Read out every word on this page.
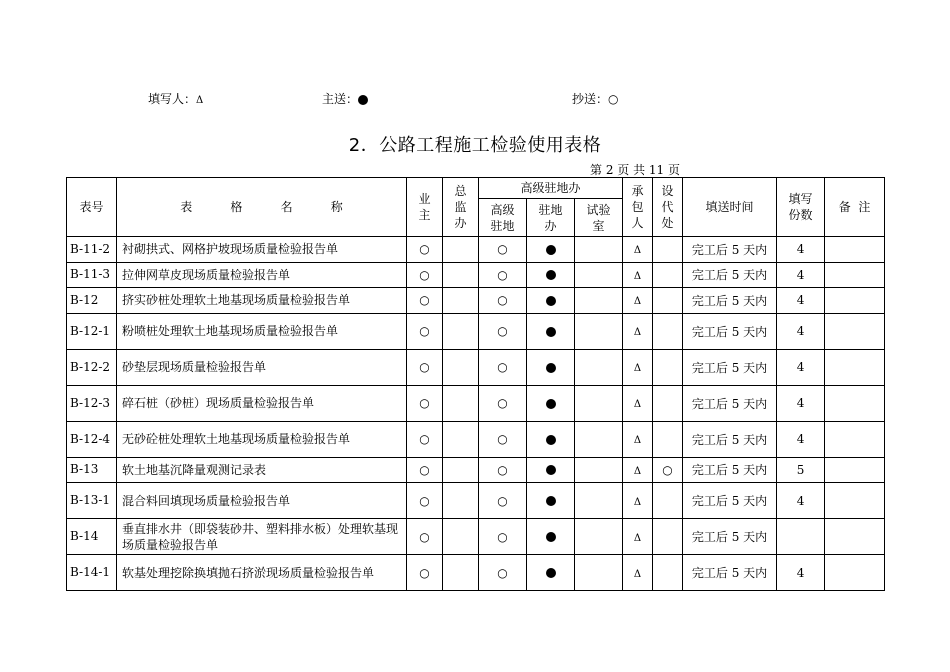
填写人：Δ	主送：	抄送：○
2．公路工程施工检验使用表格
第 2 页 共 11 页
表号	表          格          名          称	业主	总监办	高级驻地办			承包人	设代处	填送时间	填写份数	备  注
				高级驻地	驻地办	试验室					
B-11-2	衬砌拱式、网格护坡现场质量检验报告单	○		○			Δ		完工后 5 天内	4	
B-11-3	拉伸网草皮现场质量检验报告单	○		○			Δ		完工后 5 天内	4	
B-12	挤实砂桩处理软土地基现场质量检验报告单	○		○			Δ		完工后 5 天内	4	
B-12-1	粉喷桩处理软土地基现场质量检验报告单	○		○			Δ		完工后 5 天内	4	
B-12-2	砂垫层现场质量检验报告单	○		○			Δ		完工后 5 天内	4	
B-12-3	碎石桩（砂桩）现场质量检验报告单	○		○			Δ		完工后 5 天内	4	
B-12-4	无砂砼桩处理软土地基现场质量检验报告单	○		○			Δ		完工后 5 天内	4	
B-13	软土地基沉降量观测记录表	○		○			Δ	○	完工后 5 天内	5	
B-13-1	混合料回填现场质量检验报告单	○		○			Δ		完工后 5 天内	4	
B-14	垂直排水井（即袋装砂井、塑料排水板）处理软基现场质量检验报告单	○		○			Δ		完工后 5 天内		
B-14-1	软基处理挖除换填抛石挤淤现场质量检验报告单	○		○			Δ		完工后 5 天内	4	
